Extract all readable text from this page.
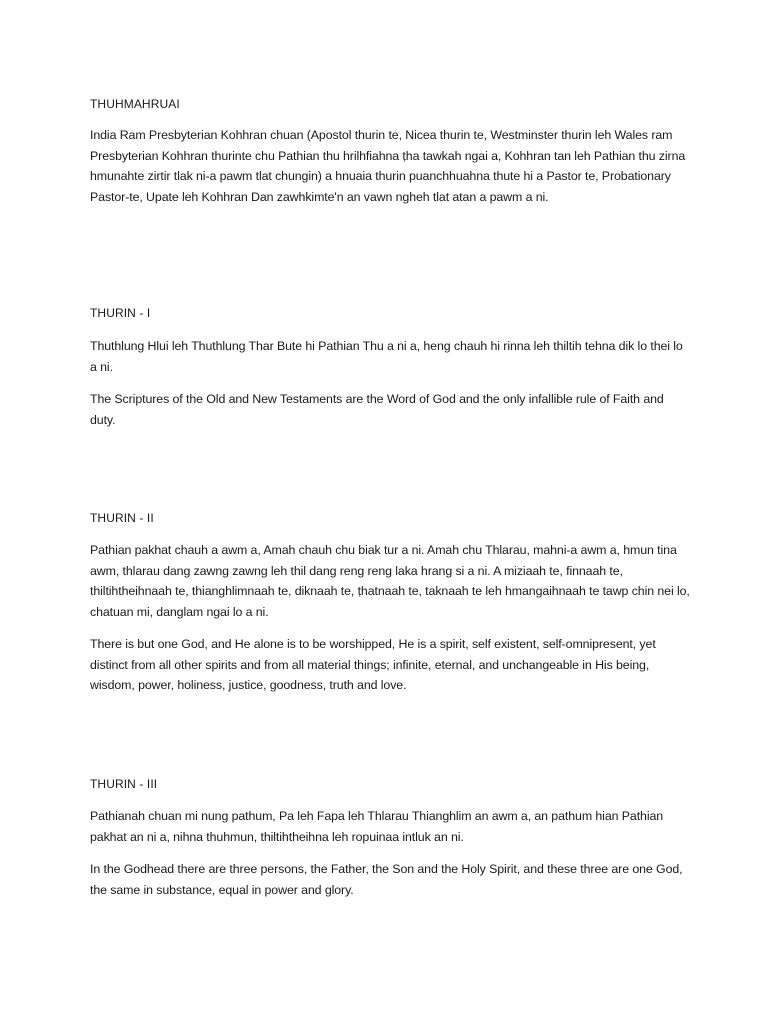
THUHMAHRUAI

India Ram Presbyterian Kohhran chuan (Apostol thurin te, Nicea thurin te, Westminster thurin leh Wales ram Presbyterian Kohhran thurinte chu Pathian thu hrilhfiahna ṭha tawkah ngai a, Kohhran tan leh Pathian thu zirna hmunahte zirtir tlak ni-a pawm tlat chungin) a hnuaia thurin puanchhuahna thute hi a Pastor te, Probationary Pastor-te, Upate leh Kohhran Dan zawhkimte'n an vawn ngheh tlat atan a pawm a ni.

THURIN - I

Thuthlung Hlui leh Thuthlung Thar Bute hi Pathian Thu a ni a, heng chauh hi rinna leh thiltih tehna dik lo thei lo a ni.

The Scriptures of the Old and New Testaments are the Word of God and the only infallible rule of Faith and duty.

THURIN - II

Pathian pakhat chauh a awm a, Amah chauh chu biak tur a ni. Amah chu Thlarau, mahni-a awm a, hmun tina awm, thlarau dang zawng zawng leh thil dang reng reng laka hrang si a ni. A miziaah te, finnaah te, thiltihtheihnaah te, thianghlimnaah te, diknaah te, ṭhatnaah te, taknaah te leh hmangaihnaah te tawp chin nei lo, chatuan mi, danglam ngai lo a ni.

There is but one God, and He alone is to be worshipped, He is a spirit, self existent, self-omnipresent, yet distinct from all other spirits and from all material things; infinite, eternal, and unchangeable in His being, wisdom, power, holiness, justice, goodness, truth and love.

THURIN - III

Pathianah chuan mi nung pathum, Pa leh Fapa leh Thlarau Thianghlim an awm a, an pathum hian Pathian pakhat an ni a, nihna thuhmun, thiltihtheihna leh ropuinaa intluk an ni.

In the Godhead there are three persons, the Father, the Son and the Holy Spirit, and these three are one God, the same in substance, equal in power and glory.
